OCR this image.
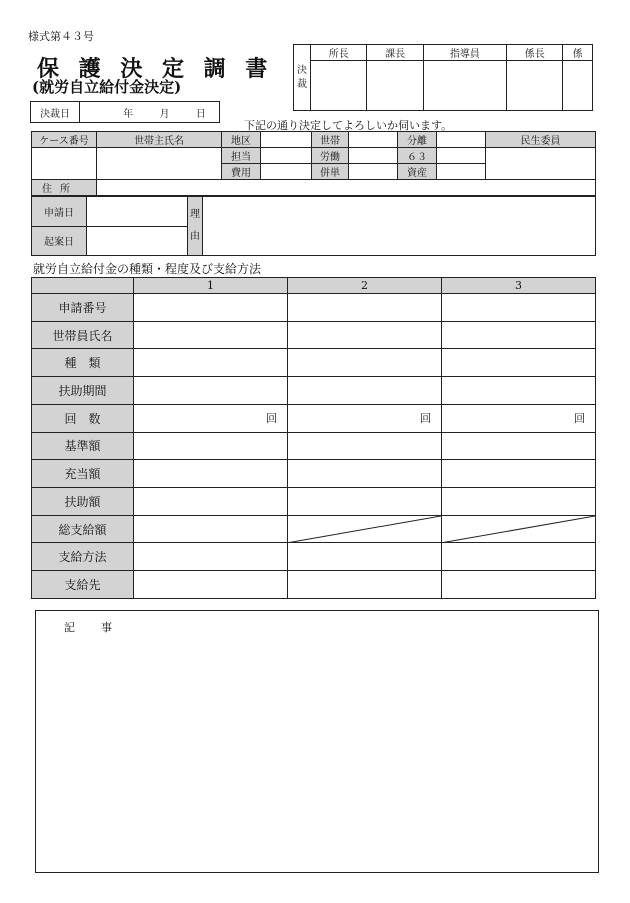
様式第４３号
保 護 決 定 調 書
(就労自立給付金決定)
決
裁	所長	課長	指導員	係長	係

決裁日	年	月	日
下記の通り決定してよろしいか伺います。
ケース番号	世帯主氏名	地区		世帯		分離		民生委員
		担当		労働		６３		
		費用		併単		資産		
住所								
申請日		理
由	
起案日			
就労自立給付金の種類・程度及び支給方法
	1	2	3
申請番号			
世帯員氏名			
種　類			
扶助期間			
回　数	回	回	回
基準額			
充当額			
扶助額			
総支給額		

支給方法			
支給先			
記事
